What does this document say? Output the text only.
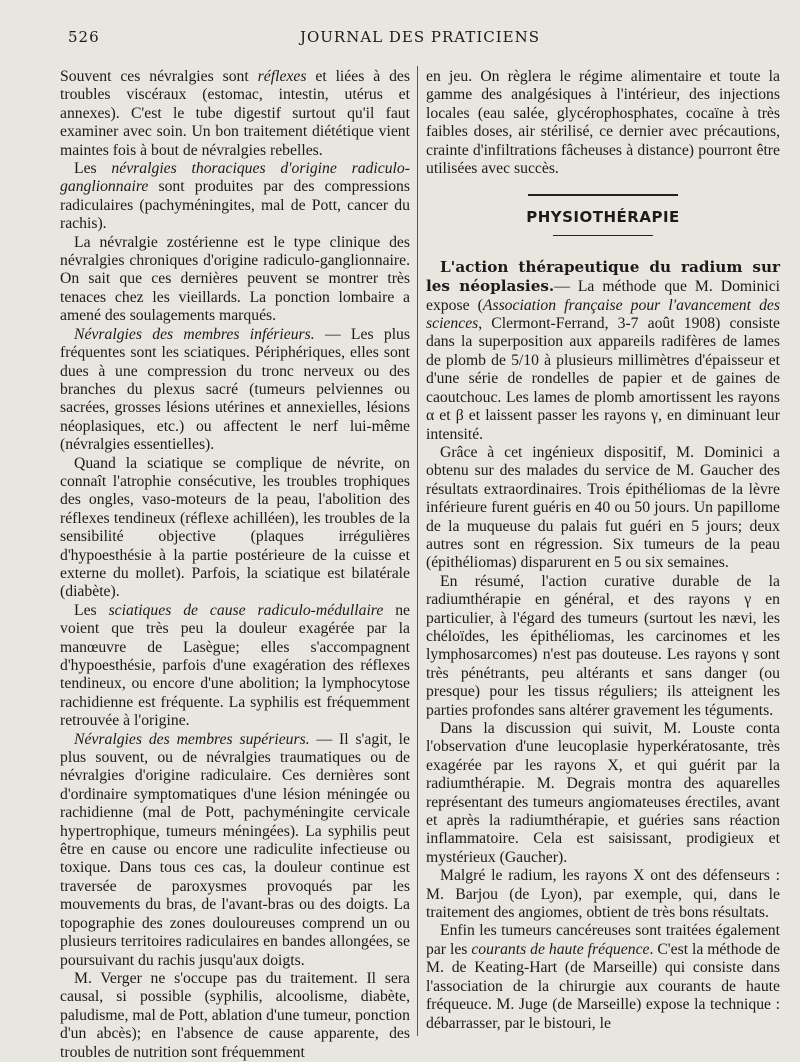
526	JOURNAL DES PRATICIENS

Souvent ces névralgies sont réflexes et liées à des troubles viscéraux (estomac, intestin, utérus et annexes). C'est le tube digestif surtout qu'il faut examiner avec soin. Un bon traitement diététique vient maintes fois à bout de névralgies rebelles.

Les névralgies thoraciques d'origine radiculo-ganglionnaire sont produites par des compressions radiculaires (pachyméningites, mal de Pott, cancer du rachis).

La névralgie zostérienne est le type clinique des névralgies chroniques d'origine radiculo-ganglionnaire. On sait que ces dernières peuvent se montrer très tenaces chez les vieillards. La ponction lombaire a amené des soulagements marqués.

Névralgies des membres inférieurs. — Les plus fréquentes sont les sciatiques. Périphériques, elles sont dues à une compression du tronc nerveux ou des branches du plexus sacré (tumeurs pelviennes ou sacrées, grosses lésions utérines et annexielles, lésions néoplasiques, etc.) ou affectent le nerf lui-même (névralgies essentielles).

Quand la sciatique se complique de névrite, on connaît l'atrophie consécutive, les troubles trophiques des ongles, vaso-moteurs de la peau, l'abolition des réflexes tendineux (réflexe achilléen), les troubles de la sensibilité objective (plaques irrégulières d'hypoesthésie à la partie postérieure de la cuisse et externe du mollet). Parfois, la sciatique est bilatérale (diabète).

Les sciatiques de cause radiculo-médullaire ne voient que très peu la douleur exagérée par la manœuvre de Lasègue; elles s'accompagnent d'hypoesthésie, parfois d'une exagération des réflexes tendineux, ou encore d'une abolition; la lymphocytose rachidienne est fréquente. La syphilis est fréquemment retrouvée à l'origine.

Névralgies des membres supérieurs. — Il s'agit, le plus souvent, ou de névralgies traumatiques ou de névralgies d'origine radiculaire. Ces dernières sont d'ordinaire symptomatiques d'une lésion méningée ou rachidienne (mal de Pott, pachyméningite cervicale hypertrophique, tumeurs méningées). La syphilis peut être en cause ou encore une radiculite infectieuse ou toxique. Dans tous ces cas, la douleur continue est traversée de paroxysmes provoqués par les mouvements du bras, de l'avant-bras ou des doigts. La topographie des zones douloureuses comprend un ou plusieurs territoires radiculaires en bandes allongées, se poursuivant du rachis jusqu'aux doigts.

M. Verger ne s'occupe pas du traitement. Il sera causal, si possible (syphilis, alcoolisme, diabète, paludisme, mal de Pott, ablation d'une tumeur, ponction d'un abcès); en l'absence de cause apparente, des troubles de nutrition sont fréquemment

en jeu. On règlera le régime alimentaire et toute la gamme des analgésiques à l'intérieur, des injections locales (eau salée, glycérophosphates, cocaïne à très faibles doses, air stérilisé, ce dernier avec précautions, crainte d'infiltrations fâcheuses à distance) pourront être utilisées avec succès.

PHYSIOTHÉRAPIE

L'action thérapeutique du radium sur les néoplasies.— La méthode que M. Dominici expose (Association française pour l'avancement des sciences, Clermont-Ferrand, 3-7 août 1908) consiste dans la superposition aux appareils radifères de lames de plomb de 5/10 à plusieurs millimètres d'épaisseur et d'une série de rondelles de papier et de gaines de caoutchouc. Les lames de plomb amortissent les rayons α et β et laissent passer les rayons γ, en diminuant leur intensité.

Grâce à cet ingénieux dispositif, M. Dominici a obtenu sur des malades du service de M. Gaucher des résultats extraordinaires. Trois épithéliomas de la lèvre inférieure furent guéris en 40 ou 50 jours. Un papillome de la muqueuse du palais fut guéri en 5 jours; deux autres sont en régression. Six tumeurs de la peau (épithéliomas) disparurent en 5 ou six semaines.

En résumé, l'action curative durable de la radiumthérapie en général, et des rayons γ en particulier, à l'égard des tumeurs (surtout les nævi, les chéloïdes, les épithéliomas, les carcinomes et les lymphosarcomes) n'est pas douteuse. Les rayons γ sont très pénétrants, peu altérants et sans danger (ou presque) pour les tissus réguliers; ils atteignent les parties profondes sans altérer gravement les téguments.

Dans la discussion qui suivit, M. Louste conta l'observation d'une leucoplasie hyperkératosante, très exagérée par les rayons X, et qui guérit par la radiumthérapie. M. Degrais montra des aquarelles représentant des tumeurs angiomateuses érectiles, avant et après la radiumthérapie, et guéries sans réaction inflammatoire. Cela est saisissant, prodigieux et mystérieux (Gaucher).

Malgré le radium, les rayons X ont des défenseurs : M. Barjou (de Lyon), par exemple, qui, dans le traitement des angiomes, obtient de très bons résultats.

Enfin les tumeurs cancéreuses sont traitées également par les courants de haute fréquence. C'est la méthode de M. de Keating-Hart (de Marseille) qui consiste dans l'association de la chirurgie aux courants de haute fréqueuce. M. Juge (de Marseille) expose la technique : débarrasser, par le bistouri, le
